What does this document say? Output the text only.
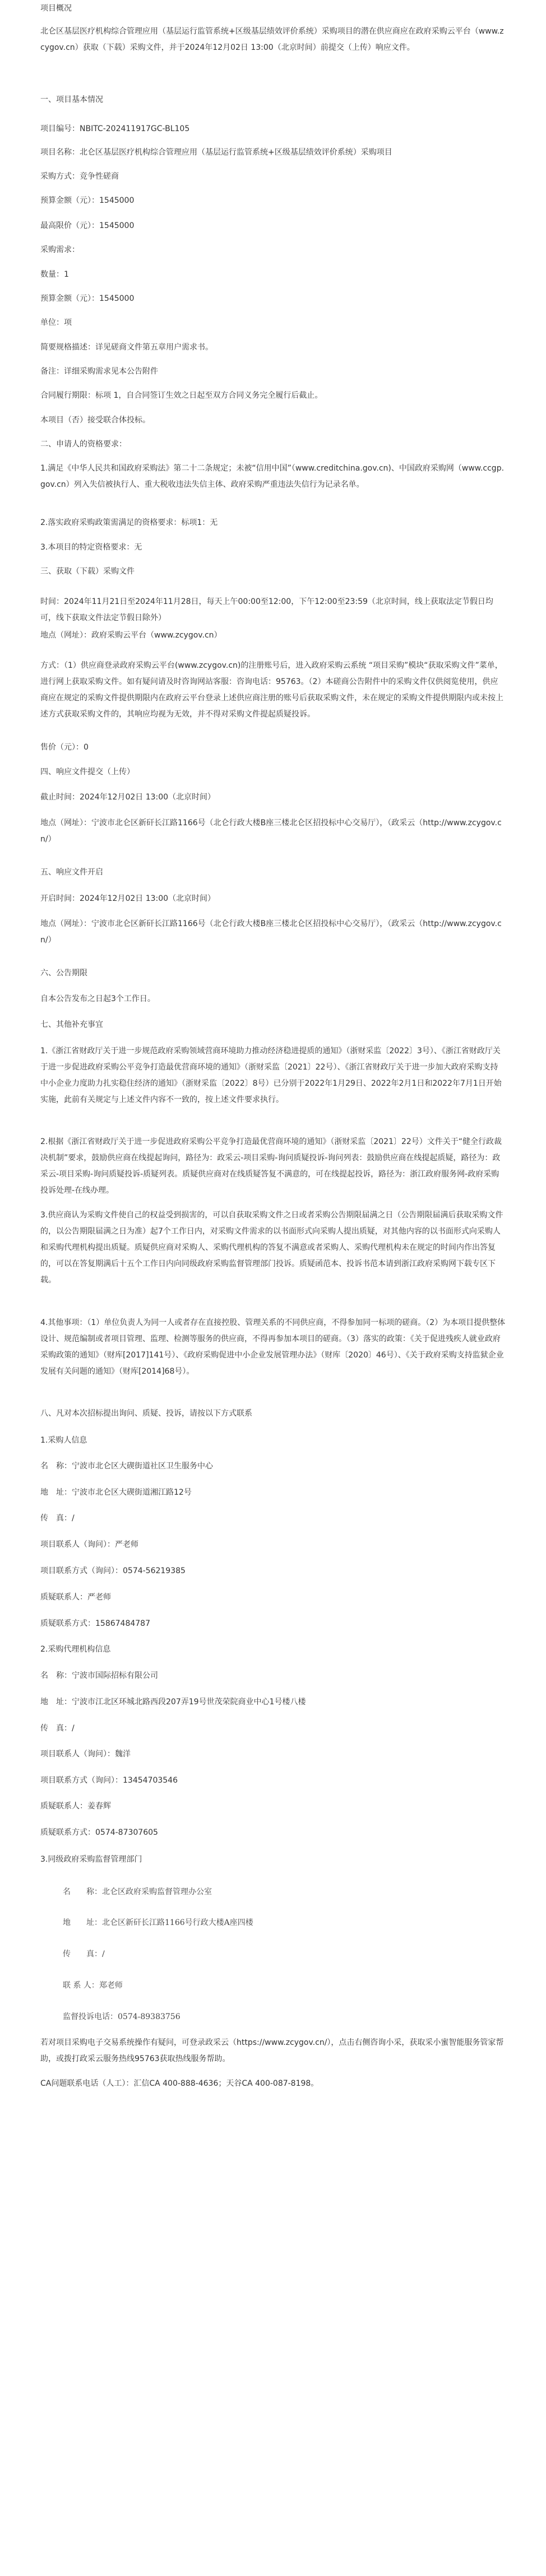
项目概况

北仑区基层医疗机构综合管理应用（基层运行监管系统+区级基层绩效评价系统）采购项目的潜在供应商应在政府采购云平台（www.zcygov.cn）获取（下载）采购文件，并于2024年12月02日 13:00（北京时间）前提交（上传）响应文件。

一、项目基本情况

项目编号：NBITC-202411917GC-BL105

项目名称：北仑区基层医疗机构综合管理应用（基层运行监管系统+区级基层绩效评价系统）采购项目

采购方式：竞争性磋商

预算金额（元）：1545000

最高限价（元）：1545000

采购需求：

数量：1

预算金额（元）：1545000

单位：项

简要规格描述：详见磋商文件第五章用户需求书。

备注：详细采购需求见本公告附件

合同履行期限：标项 1，自合同签订生效之日起至双方合同义务完全履行后截止。

本项目（否）接受联合体投标。

二、申请人的资格要求：

1.满足《中华人民共和国政府采购法》第二十二条规定；未被“信用中国”（www.creditchina.gov.cn)、中国政府采购网（www.ccgp.gov.cn）列入失信被执行人、重大税收违法失信主体、政府采购严重违法失信行为记录名单。

2.落实政府采购政策需满足的资格要求：标项1：无

3.本项目的特定资格要求：无

三、获取（下载）采购文件

时间：2024年11月21日至2024年11月28日，每天上午00:00至12:00，下午12:00至23:59（北京时间，线上获取法定节假日均可，线下获取文件法定节假日除外）

地点（网址）：政府采购云平台（www.zcygov.cn）

方式：（1）供应商登录政府采购云平台(www.zcygov.cn)的注册账号后，进入政府采购云系统 “项目采购”模块“获取采购文件”菜单，进行网上获取采购文件。如有疑问请及时咨询网站客服：咨询电话：95763。（2）本磋商公告附件中的采购文件仅供阅览使用，供应商应在规定的采购文件提供期限内在政府云平台登录上述供应商注册的账号后获取采购文件，未在规定的采购文件提供期限内或未按上述方式获取采购文件的，其响应均视为无效，并不得对采购文件提起质疑投诉。

售价（元）：0

四、响应文件提交（上传）

截止时间：2024年12月02日 13:00（北京时间）

地点（网址）：宁波市北仑区新矸长江路1166号（北仑行政大楼B座三楼北仑区招投标中心交易厅），（政采云（http://www.zcygov.cn/）

五、响应文件开启

开启时间：2024年12月02日 13:00（北京时间）

地点（网址）：宁波市北仑区新矸长江路1166号（北仑行政大楼B座三楼北仑区招投标中心交易厅），（政采云（http://www.zcygov.cn/）

六、公告期限

自本公告发布之日起3个工作日。

七、其他补充事宜

1.《浙江省财政厅关于进一步规范政府采购领域营商环境助力推动经济稳进提质的通知》（浙财采监〔2022〕3号）、《浙江省财政厅关于进一步促进政府采购公平竞争打造最优营商环境的通知》（浙财采监〔2021〕22号）、《浙江省财政厅关于进一步加大政府采购支持中小企业力度助力扎实稳住经济的通知》（浙财采监〔2022〕8号）已分别于2022年1月29日、2022年2月1日和2022年7月1日开始实施，此前有关规定与上述文件内容不一致的，按上述文件要求执行。

2.根据《浙江省财政厅关于进一步促进政府采购公平竞争打造最优营商环境的通知》（浙财采监〔2021〕22号）文件关于“健全行政裁决机制”要求，鼓励供应商在线提起询问，路径为：政采云-项目采购-询问质疑投诉-询问列表：鼓励供应商在线提起质疑，路径为：政采云-项目采购-询问质疑投诉-质疑列表。质疑供应商对在线质疑答复不满意的，可在线提起投诉，路径为：浙江政府服务网-政府采购投诉处理-在线办理。

3.供应商认为采购文件使自己的权益受到损害的，可以自获取采购文件之日或者采购公告期限届满之日（公告期限届满后获取采购文件的，以公告期限届满之日为准）起7个工作日内，对采购文件需求的以书面形式向采购人提出质疑，对其他内容的以书面形式向采购人和采购代理机构提出质疑。质疑供应商对采购人、采购代理机构的答复不满意或者采购人、采购代理机构未在规定的时间内作出答复的，可以在答复期满后十五个工作日内向同级政府采购监督管理部门投诉。质疑函范本、投诉书范本请到浙江政府采购网下载专区下载。

4.其他事项：（1）单位负责人为同一人或者存在直接控股、管理关系的不同供应商，不得参加同一标项的磋商。（2）为本项目提供整体设计、规范编制或者项目管理、监理、检测等服务的供应商，不得再参加本项目的磋商。（3）落实的政策：《关于促进残疾人就业政府采购政策的通知》（财库[2017]141号）、《政府采购促进中小企业发展管理办法》（财库〔2020〕46号）、《关于政府采购支持监狱企业发展有关问题的通知》（财库[2014]68号）。

八、凡对本次招标提出询问、质疑、投诉，请按以下方式联系

1.采购人信息

名　称：宁波市北仑区大碶街道社区卫生服务中心

地　址：宁波市北仑区大碶街道湘江路12号

传　真：/

项目联系人（询问）：严老师

项目联系方式（询问）：0574-56219385

质疑联系人：严老师

质疑联系方式：15867484787

2.采购代理机构信息

名　称：宁波市国际招标有限公司

地　址：宁波市江北区环城北路西段207弄19号世茂荣院商业中心1号楼八楼

传　真：/

项目联系人（询问）：魏洋

项目联系方式（询问）：13454703546

质疑联系人：姜春辉

质疑联系方式：0574-87307605

3.同级政府采购监督管理部门

名　　称：北仑区政府采购监督管理办公室

地　　址：北仑区新矸长江路1166号行政大楼A座四楼

传　　真：/

联 系 人：郑老师

监督投诉电话：0574-89383756

若对项目采购电子交易系统操作有疑问，可登录政采云（https://www.zcygov.cn/），点击右侧咨询小采，获取采小蜜智能服务管家帮助，或拨打政采云服务热线95763获取热线服务帮助。

CA问题联系电话（人工）：汇信CA 400-888-4636；天谷CA 400-087-8198。
